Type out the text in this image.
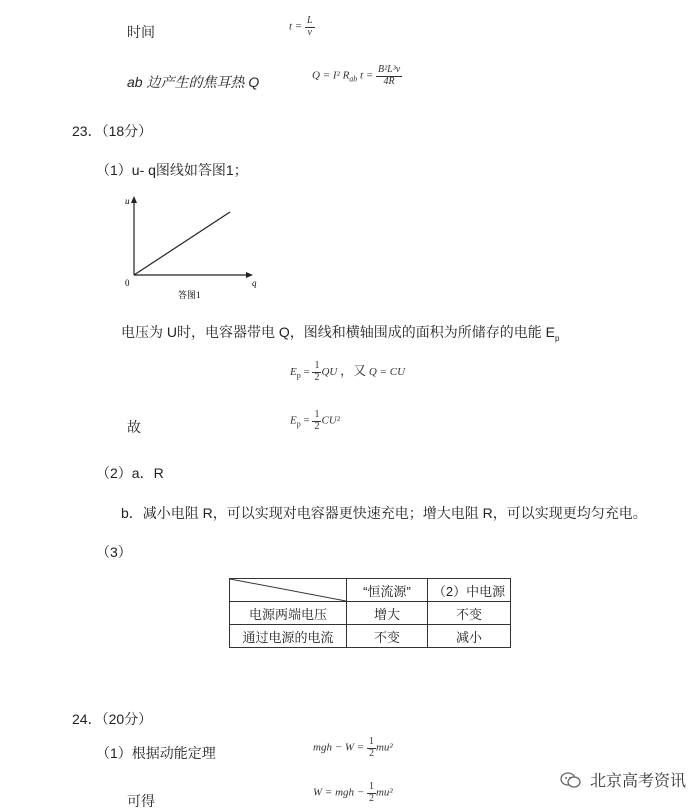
时间	$t = \frac{L}{v}$
ab 边产生的焦耳热 Q	Q = I² $R_{ab}$ $t = \frac{\text{B²L³v}}{4R}$
23．（18分）
（1）u- q图线如答图1；
u
q
0
答图1
电压为 U时，电容器带电 Q，图线和横轴围成的面积为所储存的电能 $E_p$
$E_p = \frac{1}{2}$ QU ，又 Q = CU
故	$E_p = \frac{1}{2} CU^2$
（2）a．R
b．减小电阻 R，可以实现对电容器更快速充电；增大电阻 R，可以实现更均匀充电。
（3）
	“恒流源”	（2）中电源
电源两端电压	增大	不变
通过电源的电流	不变	减小
24．（20分）
（1）根据动能定理	mgh − $W = \frac{1}{2} mu^2$
可得
W = mgh − $\frac{1}{2} mu^2$
北京高考资讯
